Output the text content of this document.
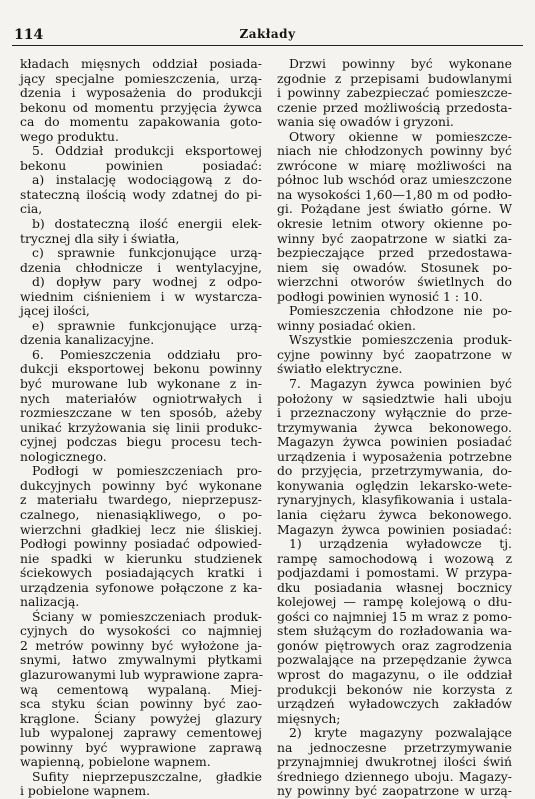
114	Zakłady
kładach mięsnych oddział posiada-
jący specjalne pomieszczenia, urzą-
dzenia i wyposażenia do produkcji
bekonu od momentu przyjęcia żywca
ca do momentu zapakowania goto-
wego produktu.
5. Oddział produkcji eksportowej
bekonu powinien posiadać:
a) instalację wodociągową z do-
stateczną ilością wody zdatnej do pi-
cia,
b) dostateczną ilość energii elek-
trycznej dla siły i światła,
c) sprawnie funkcjonujące urzą-
dzenia chłodnicze i wentylacyjne,
d) dopływ pary wodnej z odpo-
wiednim ciśnieniem i w wystarcza-
jącej ilości,
e) sprawnie funkcjonujące urzą-
dzenia kanalizacyjne.
6. Pomieszczenia oddziału pro-
dukcji eksportowej bekonu powinny
być murowane lub wykonane z in-
nych materiałów ogniotrwałych i
rozmieszczane w ten sposób, ażeby
unikać krzyżowania się linii produkc-
cyjnej podczas biegu procesu tech-
nologicznego.
Podłogi w pomieszczeniach pro-
dukcyjnych powinny być wykonane
z materiału twardego, nieprzepusz-
czalnego, nienasiąkliwego, o po-
wierzchni gładkiej lecz nie śliskiej.
Podłogi powinny posiadać odpowied-
nie spadki w kierunku studzienek
ściekowych posiadających kratki i
urządzenia syfonowe połączone z ka-
nalizacją.
Ściany w pomieszczeniach produk-
cyjnych do wysokości co najmniej
2 metrów powinny być wyłożone ja-
snymi, łatwo zmywalnymi płytkami
glazurowanymi lub wyprawione zapra-
wą cementową wypalaną. Miej-
sca styku ścian powinny być zao-
krąglone. Ściany powyżej glazury
lub wypalonej zaprawy cementowej
powinny być wyprawione zaprawą
wapienną, pobielone wapnem.
Sufity nieprzepuszczalne, gładkie
i pobielone wapnem.
Drzwi powinny być wykonane
zgodnie z przepisami budowlanymi
i powinny zabezpieczać pomieszcze-
czenie przed możliwością przedosta-
wania się owadów i gryzoni.
Otwory okienne w pomieszcze-
niach nie chłodzonych powinny być
zwrócone w miarę możliwości na
północ lub wschód oraz umieszczone
na wysokości 1,60—1,80 m od podło-
gi. Pożądane jest światło górne. W
okresie letnim otwory okienne po-
winny być zaopatrzone w siatki za-
bezpieczające przed przedostawa-
niem się owadów. Stosunek po-
wierzchni otworów świetlnych do
podłogi powinien wynosić 1 : 10.
Pomieszczenia chłodzone nie po-
winny posiadać okien.
Wszystkie pomieszczenia produk-
cyjne powinny być zaopatrzone w
światło elektryczne.
7. Magazyn żywca powinien być
położony w sąsiedztwie hali uboju
i przeznaczony wyłącznie do prze-
trzymywania żywca bekonowego.
Magazyn żywca powinien posiadać
urządzenia i wyposażenia potrzebne
do przyjęcia, przetrzymywania, do-
konywania oględzin lekarsko-wete-
rynaryjnych, klasyfikowania i ustala-
lania ciężaru żywca bekonowego.
Magazyn żywca powinien posiadać:
1) urządzenia wyładowcze tj.
rampę samochodową i wozową z
podjazdami i pomostami. W przypa-
dku posiadania własnej bocznicy
kolejowej — rampę kolejową o dłu-
gości co najmniej 15 m wraz z pomo-
stem służącym do rozładowania wa-
gonów piętrowych oraz zagrodzenia
pozwalające na przepędzanie żywca
wprost do magazynu, o ile oddział
produkcji bekonów nie korzysta z
urządzeń wyładowczych zakładów
mięsnych;
2) kryte magazyny pozwalające
na jednoczesne przetrzymywanie
przynajmniej dwukrotnej ilości świń
średniego dziennego uboju. Magazy-
ny powinny być zaopatrzone w urzą-
